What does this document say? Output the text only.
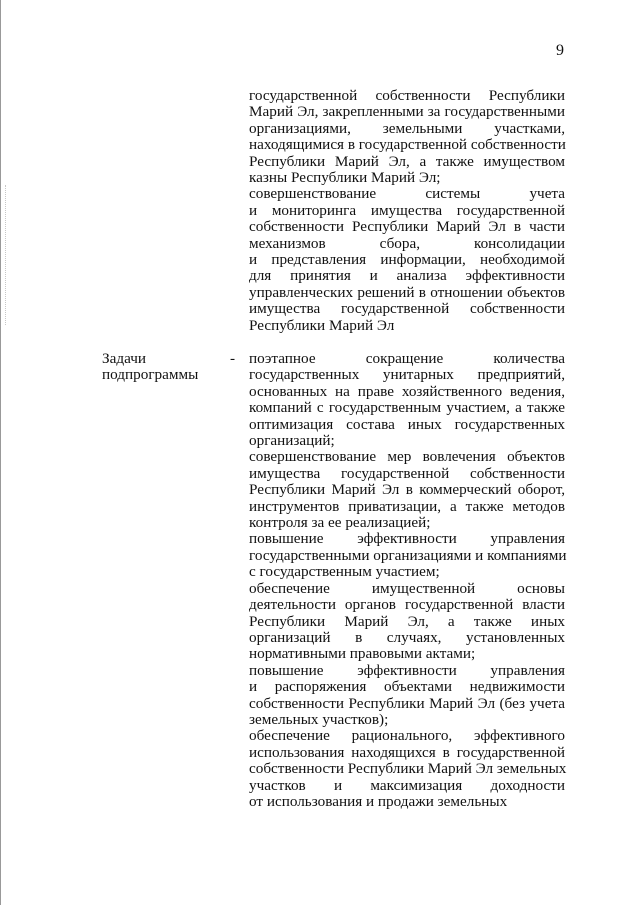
9
государственной собственности Республики
Марий Эл, закрепленными за государственными
организациями, земельными участками,
находящимися в государственной собственности
Республики Марий Эл, а также имуществом
казны Республики Марий Эл;
совершенствование системы учета
и мониторинга имущества государственной
собственности Республики Марий Эл в части
механизмов сбора, консолидации
и представления информации, необходимой
для принятия и анализа эффективности
управленческих решений в отношении объектов
имущества государственной собственности
Республики Марий Эл
Задачи
подпрограммы
- поэтапное сокращение количества
государственных унитарных предприятий,
основанных на праве хозяйственного ведения,
компаний с государственным участием, а также
оптимизация состава иных государственных
организаций;
совершенствование мер вовлечения объектов
имущества государственной собственности
Республики Марий Эл в коммерческий оборот,
инструментов приватизации, а также методов
контроля за ее реализацией;
повышение эффективности управления
государственными организациями и компаниями
с государственным участием;
обеспечение имущественной основы
деятельности органов государственной власти
Республики Марий Эл, а также иных
организаций в случаях, установленных
нормативными правовыми актами;
повышение эффективности управления
и распоряжения объектами недвижимости
собственности Республики Марий Эл (без учета
земельных участков);
обеспечение рационального, эффективного
использования находящихся в государственной
собственности Республики Марий Эл земельных
участков и максимизация доходности
от использования и продажи земельных
